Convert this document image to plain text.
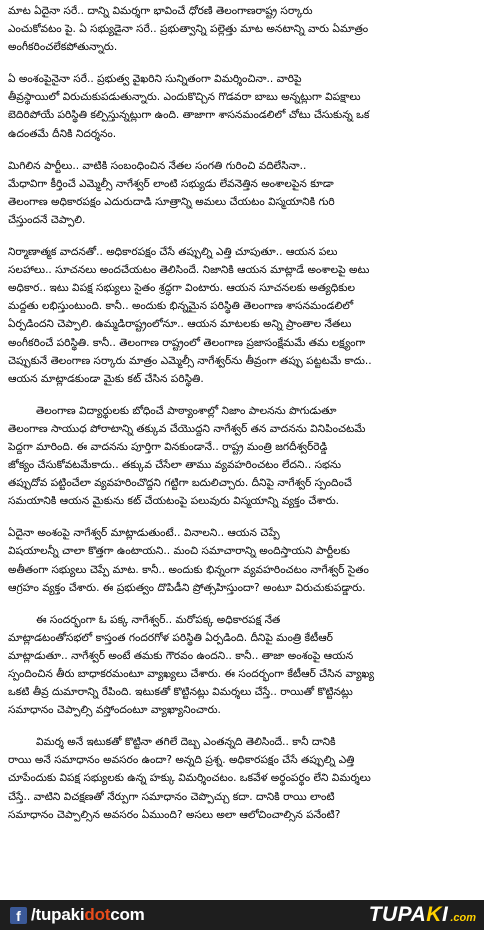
మాట ఏదైనా సరే.. దాన్ని విమర్శగా భావించే ధోరణి తెలంగాణరాష్ట్ర సర్కారు
ఎంచుకోవటం పై. ఏ సభ్యుడైనా సరే.. ప్రభుత్వాన్ని పల్లెత్తు మాట అనటాన్ని వారు ఏమాత్రం
అంగీకరించలేకపోతున్నారు.

ఏ అంశంపైనైనా సరే.. ప్రభుత్వ వైఖరిని సున్నితంగా విమర్శించినా.. వారిపై
తీవ్రస్థాయిలో విరుచుకుపడుతున్నారు. ఎందుకొచ్చిన గొడవరా బాబు అన్నట్లుగా విపక్షాలు
బెదిరిపోయే పరిస్థితి కల్పిస్తున్నట్లుగా ఉంది. తాజాగా శాసనమండలిలో చోటు చేసుకున్న ఒక
ఉదంతమే దీనికి నిదర్శనం.

మిగిలిన పార్టీలు.. వాటికి సంబంధించిన నేతల సంగతి గురించి వదిలేసినా..
మేధావిగా కీర్తించే ఎమ్మెల్సీ నాగేశ్వర్ లాంటి సభ్యుడు లేవనెత్తిన అంశాలపైన కూడా
తెలంగాణ అధికారపక్షం ఎదురుదాడి సూత్రాన్ని అమలు చేయటం విస్మయానికి గురి
చేస్తుందనే చెప్పాలి.

నిర్మాణాత్మక వాదనతో.. అధికారపక్షం చేసే తప్పుల్ని ఎత్తి చూపుతూ.. ఆయన పలు
సలహాలు.. సూచనలు అందచేయటం తెలిసిందే. నిజానికి ఆయన మాట్లాడే అంశాలపై అటు
అధికార.. ఇటు విపక్ష సభ్యులు సైతం శ్రద్ధగా వింటారు. ఆయన సూచనలకు అత్యధికుల
మద్దతు లభిస్తుంటుంది. కానీ.. అందుకు భిన్నమైన పరిస్థితి తెలంగాణ శాసనమండలిలో
ఏర్పడిందని చెప్పాలి. ఉమ్మడిరాష్ట్రంలోనూ.. ఆయన మాటలకు అన్ని ప్రాంతాల నేతలు
అంగీకరించే పరిస్థితి. కానీ.. తెలంగాణ రాష్ట్రంలో తెలంగాణ ప్రజాసంక్షేమమే తమ లక్ష్యంగా
చెప్పుకునే తెలంగాణ సర్కారు మాత్రం ఎమ్మెల్సీ నాగేశ్వర్‌ను తీవ్రంగా తప్పు పట్టటమే కాదు..
ఆయన మాట్లాడకుండా మైకు కట్ చేసిన పరిస్థితి.

తెలంగాణ విద్యార్థులకు బోధించే పాఠ్యాంశాల్లో నిజాం పాలనను పొగుడుతూ
తెలంగాణ సాయుధ పోరాటాన్ని తక్కువ చేయొద్దని నాగేశ్వర్ తన వాదనను వినిపించటమే
పెద్దగా మారింది. ఈ వాదనను పూర్తిగా వినకుండానే.. రాష్ట్ర మంత్రి జగదీశ్వర్‌రెడ్డి
జోక్యం చేసుకోవటమేకాదు.. తక్కువ చేసేలా తాము వ్యవహరించటం లేదని.. సభను
తప్పుదోవ పట్టించేలా వ్యవహరించొద్దని గట్టిగా బదులిచ్చారు. దీనిపై నాగేశ్వర్ స్పందించే
సమయానికి ఆయన మైకును కట్ చేయటంపై పలువురు విస్మయాన్ని వ్యక్తం చేశారు.

ఏదైనా అంశంపై నాగేశ్వర్ మాట్లాడుతుంటే.. వినాలని.. ఆయన చెప్పే
విషయాలన్నీ చాలా కొత్తగా ఉంటాయని.. మంచి సమాచారాన్ని అందిస్తాయని పార్టీలకు
అతీతంగా సభ్యులు చెప్పే మాట. కానీ.. అందుకు భిన్నంగా వ్యవహరించటం నాగేశ్వర్ సైతం
ఆగ్రహం వ్యక్తం చేశారు. ఈ ప్రభుత్వం దొపిడీని ప్రోత్సహిస్తుందా? అంటూ విరుచుకుపడ్డారు.

ఈ సందర్భంగా ఓ పక్క నాగేశ్వర్.. మరోపక్క అధికారపక్ష నేత
మాట్లాడటంతోసభలో కాస్తంత గందరగోళ పరిస్థితి ఏర్పడింది. దీనిపై మంత్రి కేటీఆర్
మాట్లాడుతూ.. నాగేశ్వర్ అంటే తమకు గౌరవం ఉందని.. కానీ.. తాజా అంశంపై ఆయన
స్పందించిన తీరు బాధాకరమంటూ వ్యాఖ్యలు చేశారు. ఈ సందర్భంగా కేటీఆర్ చేసిన వ్యాఖ్య
ఒకటి తీవ్ర దుమారాన్ని రేపింది. ఇటుకతో కొట్టినట్లు విమర్శలు చేస్తే.. రాయితో కొట్టినట్లు
సమాధానం చెప్పాల్సి వస్తోందంటూ వ్యాఖ్యానించారు.

విమర్శ అనే ఇటుకతో కొట్టినా తగిలే దెబ్బ ఎంతన్నది తెలిసిందే.. కానీ దానికి
రాయి అనే సమాధానం అవసరం ఉందా? అన్నది ప్రశ్న. అధికారపక్షం చేసే తప్పుల్ని ఎత్తి
చూపేందుకు విపక్ష సభ్యులకు ఉన్న హక్కు విమర్శించటం. ఒకవేళ అర్థంపర్థం లేని విమర్శలు
చేస్తే.. వాటిని విచక్షణతో నేర్పుగా సమాధానం చెప్పొచ్చు కదా. దానికి రాయి లాంటి
సమాధానం చెప్పాల్సిన అవసరం ఏముంది? అసలు అలా ఆలోచించాల్సిన పనేంటి?

f /tupakidotcom	TUPAKI .com
